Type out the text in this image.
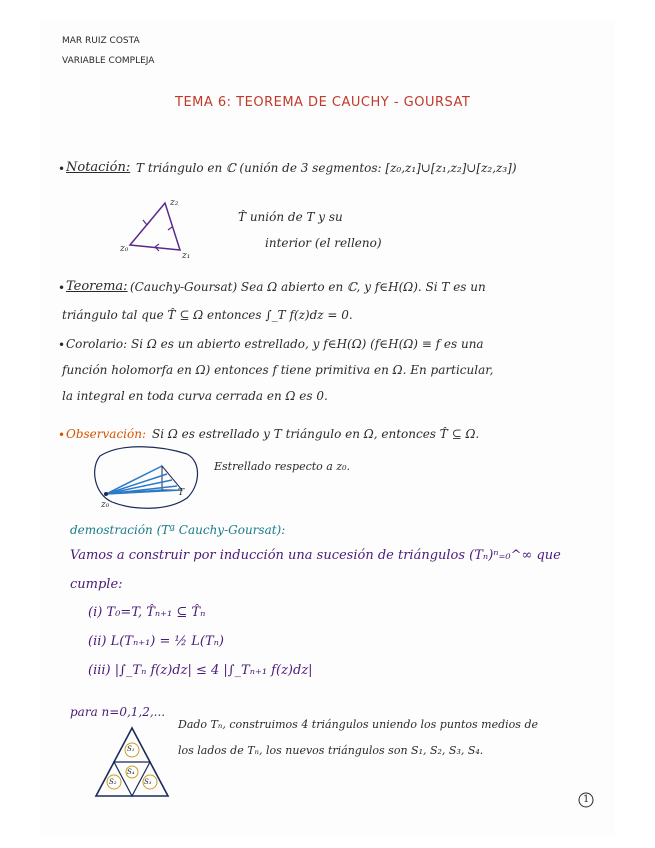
MAR RUIZ COSTA
VARIABLE COMPLEJA
TEMA 6: TEOREMA DE CAUCHY - GOURSAT
• Notación: T triángulo en ℂ (unión de 3 segmentos: [z₀,z₁]∪[z₁,z₂]∪[z₂,z₃])
z₀
z₂
z₁
T̂ unión de T y su
interior (el relleno)
• Teorema: (Cauchy-Goursat) Sea Ω abierto en ℂ, y f∈H(Ω). Si T es un
triángulo tal que T̂ ⊆ Ω entonces ∫_T f(z)dz = 0.
• Corolario: Si Ω es un abierto estrellado, y f∈H(Ω) (f∈H(Ω) ≡ f es una
función holomorfa en Ω) entonces f tiene primitiva en Ω. En particular,
la integral en toda curva cerrada en Ω es 0.
• Observación: Si Ω es estrellado y T triángulo en Ω, entonces T̂ ⊆ Ω.
z₀
T
Estrellado respecto a z₀.
demostración (Tª Cauchy-Goursat):
Vamos a construir por inducción una sucesión de triángulos (Tₙ)ⁿ₌₀^∞ que
cumple:
(i) T₀=T, T̂ₙ₊₁ ⊆ T̂ₙ
(ii) L(Tₙ₊₁) = ½ L(Tₙ)
(iii) |∫_Tₙ f(z)dz| ≤ 4 |∫_Tₙ₊₁ f(z)dz|
para n=0,1,2,...
Dado Tₙ, construimos 4 triángulos uniendo los puntos medios de
los lados de Tₙ, los nuevos triángulos son S₁, S₂, S₃, S₄.
S₁
S₂	S₃
S₄
1
